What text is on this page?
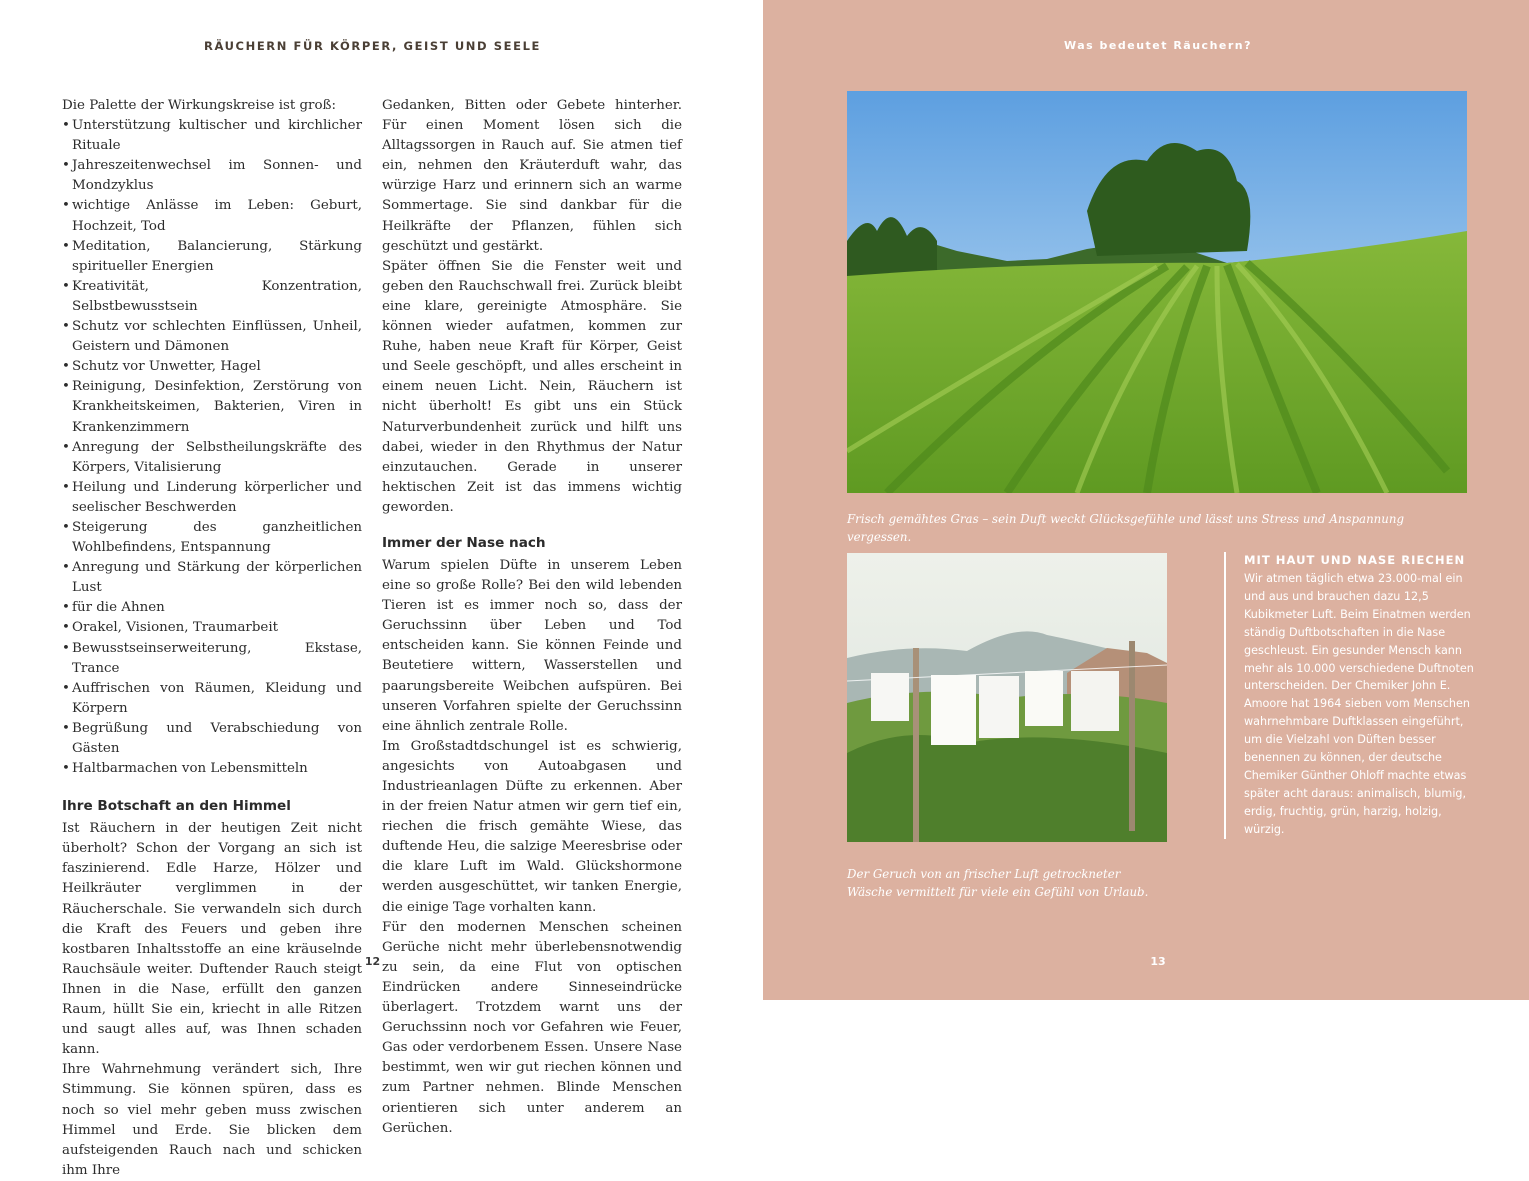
RÄUCHERN FÜR KÖRPER, GEIST UND SEELE

Die Palette der Wirkungskreise ist groß:

• Unterstützung kultischer und kirchlicher Rituale
• Jahreszeitenwechsel im Sonnen- und Mondzyklus
• wichtige Anlässe im Leben: Geburt, Hochzeit, Tod
• Meditation, Balancierung, Stärkung spiritueller Energien
• Kreativität, Konzentration, Selbstbewusstsein
• Schutz vor schlechten Einflüssen, Unheil, Geistern und Dämonen
• Schutz vor Unwetter, Hagel
• Reinigung, Desinfektion, Zerstörung von Krankheitskeimen, Bakterien, Viren in Krankenzimmern
• Anregung der Selbstheilungskräfte des Körpers, Vitalisierung
• Heilung und Linderung körperlicher und seelischer Beschwerden
• Steigerung des ganzheitlichen Wohlbefindens, Entspannung
• Anregung und Stärkung der körperlichen Lust
• für die Ahnen
• Orakel, Visionen, Traumarbeit
• Bewusstseinserweiterung, Ekstase, Trance
• Auffrischen von Räumen, Kleidung und Körpern
• Begrüßung und Verabschiedung von Gästen
• Haltbarmachen von Lebensmitteln
Ihre Botschaft an den Himmel

Ist Räuchern in der heutigen Zeit nicht überholt? Schon der Vorgang an sich ist faszinierend. Edle Harze, Hölzer und Heilkräuter verglimmen in der Räucherschale. Sie verwandeln sich durch die Kraft des Feuers und geben ihre kostbaren Inhaltsstoffe an eine kräuselnde Rauchsäule weiter. Duftender Rauch steigt Ihnen in die Nase, erfüllt den ganzen Raum, hüllt Sie ein, kriecht in alle Ritzen und saugt alles auf, was Ihnen schaden kann.

Ihre Wahrnehmung verändert sich, Ihre Stimmung. Sie können spüren, dass es noch so viel mehr geben muss zwischen Himmel und Erde. Sie blicken dem aufsteigenden Rauch nach und schicken ihm Ihre

Gedanken, Bitten oder Gebete hinterher. Für einen Moment lösen sich die Alltagssorgen in Rauch auf. Sie atmen tief ein, nehmen den Kräuterduft wahr, das würzige Harz und erinnern sich an warme Sommertage. Sie sind dankbar für die Heilkräfte der Pflanzen, fühlen sich geschützt und gestärkt.

Später öffnen Sie die Fenster weit und geben den Rauchschwall frei. Zurück bleibt eine klare, gereinigte Atmosphäre. Sie können wieder aufatmen, kommen zur Ruhe, haben neue Kraft für Körper, Geist und Seele geschöpft, und alles erscheint in einem neuen Licht. Nein, Räuchern ist nicht überholt! Es gibt uns ein Stück Naturverbundenheit zurück und hilft uns dabei, wieder in den Rhythmus der Natur einzutauchen. Gerade in unserer hektischen Zeit ist das immens wichtig geworden.

Immer der Nase nach

Warum spielen Düfte in unserem Leben eine so große Rolle? Bei den wild lebenden Tieren ist es immer noch so, dass der Geruchssinn über Leben und Tod entscheiden kann. Sie können Feinde und Beutetiere wittern, Wasserstellen und paarungsbereite Weibchen aufspüren. Bei unseren Vorfahren spielte der Geruchssinn eine ähnlich zentrale Rolle.

Im Großstadtdschungel ist es schwierig, angesichts von Autoabgasen und Industrieanlagen Düfte zu erkennen. Aber in der freien Natur atmen wir gern tief ein, riechen die frisch gemähte Wiese, das duftende Heu, die salzige Meeresbrise oder die klare Luft im Wald. Glückshormone werden ausgeschüttet, wir tanken Energie, die einige Tage vorhalten kann.

Für den modernen Menschen scheinen Gerüche nicht mehr überlebensnotwendig zu sein, da eine Flut von optischen Eindrücken andere Sinneseindrücke überlagert. Trotzdem warnt uns der Geruchssinn noch vor Gefahren wie Feuer, Gas oder verdorbenem Essen. Unsere Nase bestimmt, wen wir gut riechen können und zum Partner nehmen. Blinde Menschen orientieren sich unter anderem an Gerüchen.

12
Was bedeutet Räuchern?
Frisch gemähtes Gras – sein Duft weckt Glücksgefühle und lässt uns Stress und Anspannung vergessen.
Der Geruch von an frischer Luft getrockneter Wäsche vermittelt für viele ein Gefühl von Urlaub.
MIT HAUT UND NASE RIECHEN

Wir atmen täglich etwa 23.000-mal ein und aus und brauchen dazu 12,5 Kubikmeter Luft. Beim Einatmen werden ständig Duftbotschaften in die Nase geschleust. Ein gesunder Mensch kann mehr als 10.000 verschiedene Duftnoten unterscheiden. Der Chemiker John E. Amoore hat 1964 sieben vom Menschen wahrnehmbare Duftklassen eingeführt, um die Vielzahl von Düften besser benennen zu können, der deutsche Chemiker Günther Ohloff machte etwas später acht daraus: animalisch, blumig, erdig, fruchtig, grün, harzig, holzig, würzig.

13
